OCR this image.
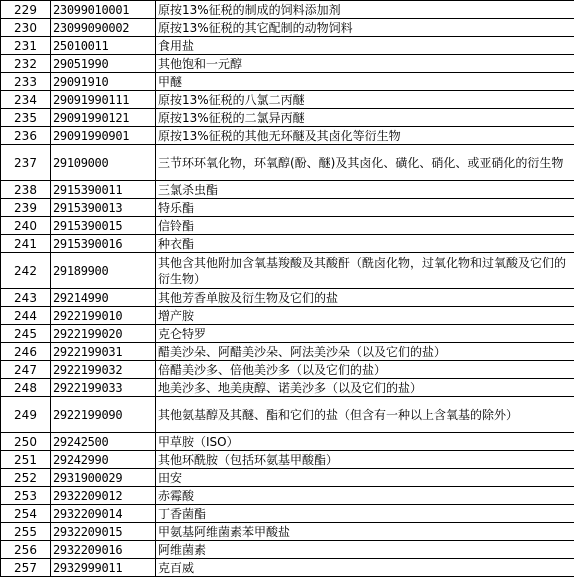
229	23099010001	原按13%征税的制成的饲料添加剂
230	23099090002	原按13%征税的其它配制的动物饲料
231	25010011	食用盐
232	29051990	其他饱和一元醇
233	29091910	甲醚
234	29091990111	原按13%征税的八氯二丙醚
235	29091990121	原按13%征税的二氯异丙醚
236	29091990901	原按13%征税的其他无环醚及其卤化等衍生物
237	29109000	三节环环氧化物，环氧醇(酚、醚)及其卤化、磺化、硝化、或亚硝化的衍生物
238	2915390011	三氯杀虫酯
239	2915390013	特乐酯
240	2915390015	信铃酯
241	2915390016	种衣酯
242	29189900	其他含其他附加含氧基羧酸及其酸酐（酰卤化物，过氧化物和过氧酸及它们的衍生物）
243	29214990	其他芳香单胺及衍生物及它们的盐
244	2922199010	增产胺
245	2922199020	克仑特罗
246	2922199031	醋美沙朵、阿醋美沙朵、阿法美沙朵（以及它们的盐）
247	2922199032	倍醋美沙多、倍他美沙多（以及它们的盐）
248	2922199033	地美沙多、地美庚醇、诺美沙多（以及它们的盐）
249	2922199090	其他氨基醇及其醚、酯和它们的盐（但含有一种以上含氧基的除外）
250	29242500	甲草胺（ISO）
251	29242990	其他环酰胺（包括环氨基甲酸酯）
252	2931900029	田安
253	2932209012	赤霉酸
254	2932209014	丁香菌酯
255	2932209015	甲氨基阿维菌素苯甲酸盐
256	2932209016	阿维菌素
257	2932999011	克百威
